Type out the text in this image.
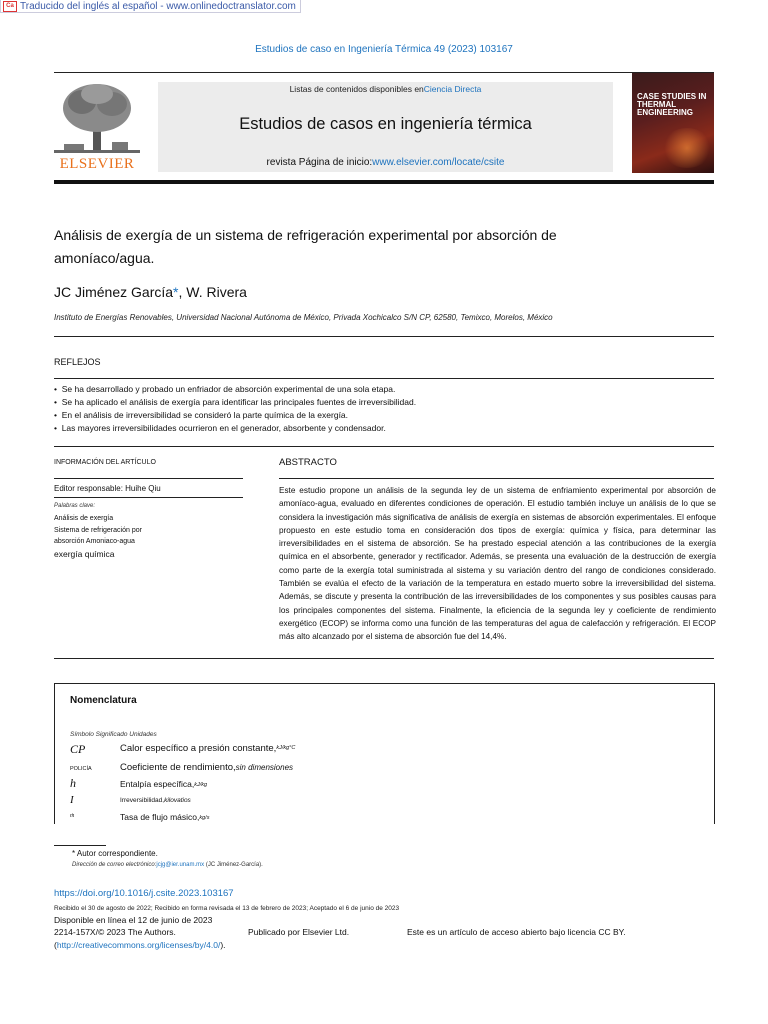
Ca Traducido del inglés al español - www.onlinedoctranslator.com
Estudios de caso en Ingeniería Térmica 49 (2023) 103167
ELSEVIER
Listas de contenidos disponibles enCiencia Directa
Estudios de casos en ingeniería térmica
revista Página de inicio:www.elsevier.com/locate/csite
CASE STUDIES IN THERMAL ENGINEERING
Análisis de exergía de un sistema de refrigeración experimental por absorción de amoníaco/agua.
JC Jiménez García*, W. Rivera
Instituto de Energías Renovables, Universidad Nacional Autónoma de México, Privada Xochicalco S/N CP, 62580, Temixco, Morelos, México
REFLEJOS
•  Se ha desarrollado y probado un enfriador de absorción experimental de una sola etapa.
•  Se ha aplicado el análisis de exergía para identificar las principales fuentes de irreversibilidad.
•  En el análisis de irreversibilidad se consideró la parte química de la exergía.
•  Las mayores irreversibilidades ocurrieron en el generador, absorbente y condensador.
INFORMACIÓN DEL ARTÍCULO
Editor responsable: Huihe Qiu
Palabras clave:
Análisis de exergía
Sistema de refrigeración por
absorción Amoniaco-agua
exergía química
ABSTRACTO
Este estudio propone un análisis de la segunda ley de un sistema de enfriamiento experimental por absorción de amoníaco-agua, evaluado en diferentes condiciones de operación. El estudio también incluye un análisis de lo que se considera la investigación más significativa de análisis de exergía en sistemas de absorción experimentales. El enfoque propuesto en este estudio toma en consideración dos tipos de exergía: química y física, para determinar las irreversibilidades en el sistema de absorción. Se ha prestado especial atención a las contribuciones de la exergía química en el absorbente, generador y rectificador. Además, se presenta una evaluación de la destrucción de exergía como parte de la exergía total suministrada al sistema y su variación dentro del rango de condiciones considerado. También se evalúa el efecto de la variación de la temperatura en estado muerto sobre la irreversibilidad del sistema. Además, se discute y presenta la contribución de las irreversibilidades de los componentes y sus posibles causas para los principales componentes del sistema. Finalmente, la eficiencia de la segunda ley y coeficiente de rendimiento exergético (ECOP) se informa como una función de las temperaturas del agua de calefacción y refrigeración. El ECOP más alto alcanzado por el sistema de absorción fue del 14,4%.
Nomenclatura
Símbolo Significado Unidades
CP	Calor específico a presión constante,kJ/kg°C
POLICÍA	Coeficiente de rendimiento,sin dimensiones
h	Entalpía específica,kJ/kg
I	Irreversibilidad,kilovatios
ṁ	Tasa de flujo másico,kg/s
* Autor correspondiente.
Dirección de correo electrónico:jcjg@ier.unam.mx (JC Jiménez-García).
https://doi.org/10.1016/j.csite.2023.103167
Recibido el 30 de agosto de 2022; Recibido en forma revisada el 13 de febrero de 2023; Aceptado el 6 de junio de 2023
Disponible en línea el 12 de junio de 2023
2214-157X/© 2023 The Authors.	Publicado por Elsevier Ltd.	Este es un artículo de acceso abierto bajo licencia CC BY.
(http://creativecommons.org/licenses/by/4.0/).
